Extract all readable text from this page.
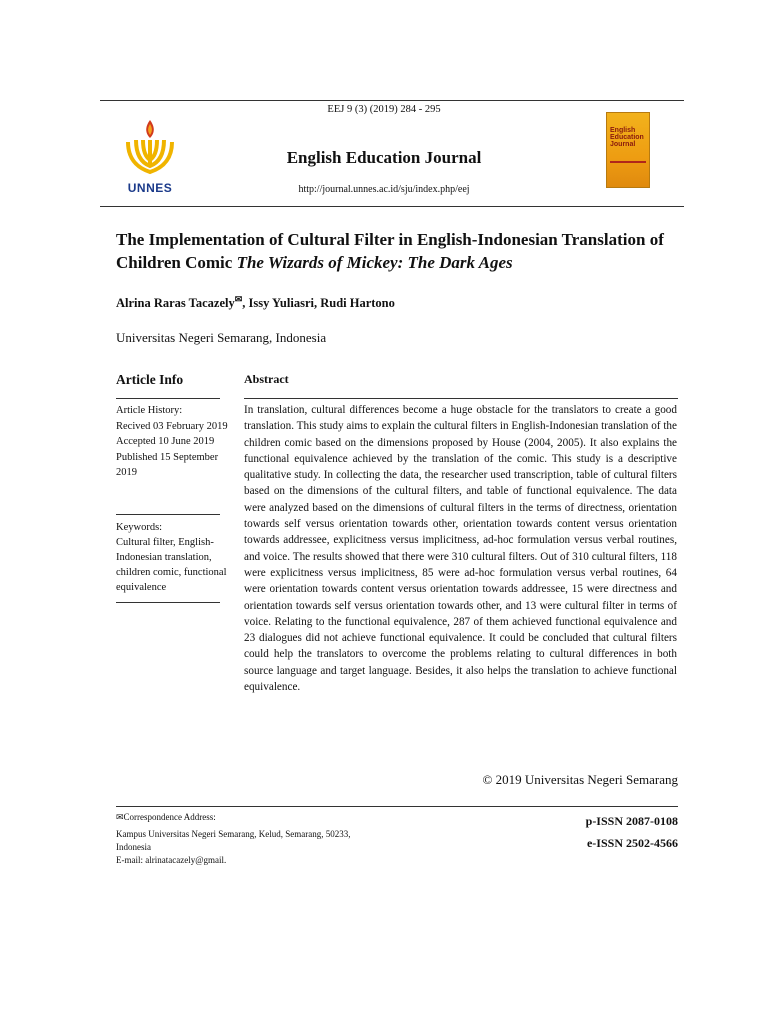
EEJ 9 (3) (2019) 284 - 295
UNNES
English Education Journal
http://journal.unnes.ac.id/sju/index.php/eej
English Education Journal
The Implementation of Cultural Filter in English-Indonesian Translation of Children Comic The Wizards of Mickey: The Dark Ages
Alrina Raras Tacazely✉, Issy Yuliasri, Rudi Hartono
Universitas Negeri Semarang, Indonesia
Article Info
Article History:
Recived 03 February 2019
Accepted 10 June 2019
Published 15 September 2019
Keywords:
Cultural filter, English-Indonesian translation, children comic, functional equivalence
Abstract
In translation, cultural differences become a huge obstacle for the translators to create a good translation. This study aims to explain the cultural filters in English-Indonesian translation of the children comic based on the dimensions proposed by House (2004, 2005). It also explains the functional equivalence achieved by the translation of the comic. This study is a descriptive qualitative study. In collecting the data, the researcher used transcription, table of cultural filters based on the dimensions of the cultural filters, and table of functional equivalence. The data were analyzed based on the dimensions of cultural filters in the terms of directness, orientation towards self versus orientation towards other, orientation towards content versus orientation towards addressee, explicitness versus implicitness, ad-hoc formulation versus verbal routines, and voice. The results showed that there were 310 cultural filters. Out of 310 cultural filters, 118 were explicitness versus implicitness, 85 were ad-hoc formulation versus verbal routines, 64 were orientation towards content versus orientation towards addressee, 15 were directness and orientation towards self versus orientation towards other, and 13 were cultural filter in terms of voice. Relating to the functional equivalence, 287 of them achieved functional equivalence and 23 dialogues did not achieve functional equivalence. It could be concluded that cultural filters could help the translators to overcome the problems relating to cultural differences in both source language and target language. Besides, it also helps the translation to achieve functional equivalence.
© 2019 Universitas Negeri Semarang
✉Correspondence Address:
Kampus Universitas Negeri Semarang, Kelud, Semarang, 50233,
Indonesia
E-mail: alrinatacazely@gmail.
p-ISSN 2087-0108
e-ISSN 2502-4566
